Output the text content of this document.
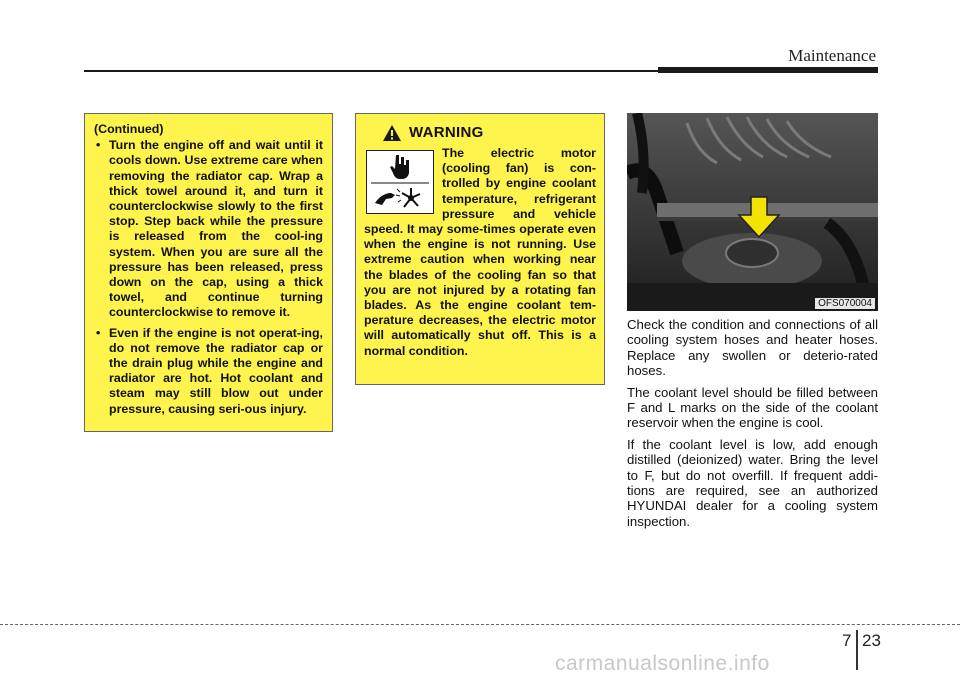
Maintenance
(Continued)
• Turn the engine off and wait until it cools down. Use extreme care when removing the radiator cap. Wrap a thick towel around it, and turn it counterclockwise slowly to the first stop. Step back while the pressure is released from the cool-ing system. When you are sure all the pressure has been released, press down on the cap, using a thick towel, and continue turning counterclockwise to remove it.
• Even if the engine is not operat-ing, do not remove the radiator cap or the drain plug while the engine and radiator are hot. Hot coolant and steam may still blow out under pressure, causing seri-ous injury.
WARNING
The electric motor (cooling fan) is con-trolled by engine coolant temperature, refrigerant pressure and vehicle speed. It may some-times operate even when the engine is not running. Use extreme caution when working near the blades of the cooling fan so that you are not injured by a rotating fan blades. As the engine coolant tem-perature decreases, the electric motor will automatically shut off. This is a normal condition.
OFS070004

Check the condition and connections of all cooling system hoses and heater hoses. Replace any swollen or deterio-rated hoses.

The coolant level should be filled between F and L marks on the side of the coolant reservoir when the engine is cool.

If the coolant level is low, add enough distilled (deionized) water. Bring the level to F, but do not overfill. If frequent addi-tions are required, see an authorized HYUNDAI dealer for a cooling system inspection.

7 23
carmanualsonline.info
